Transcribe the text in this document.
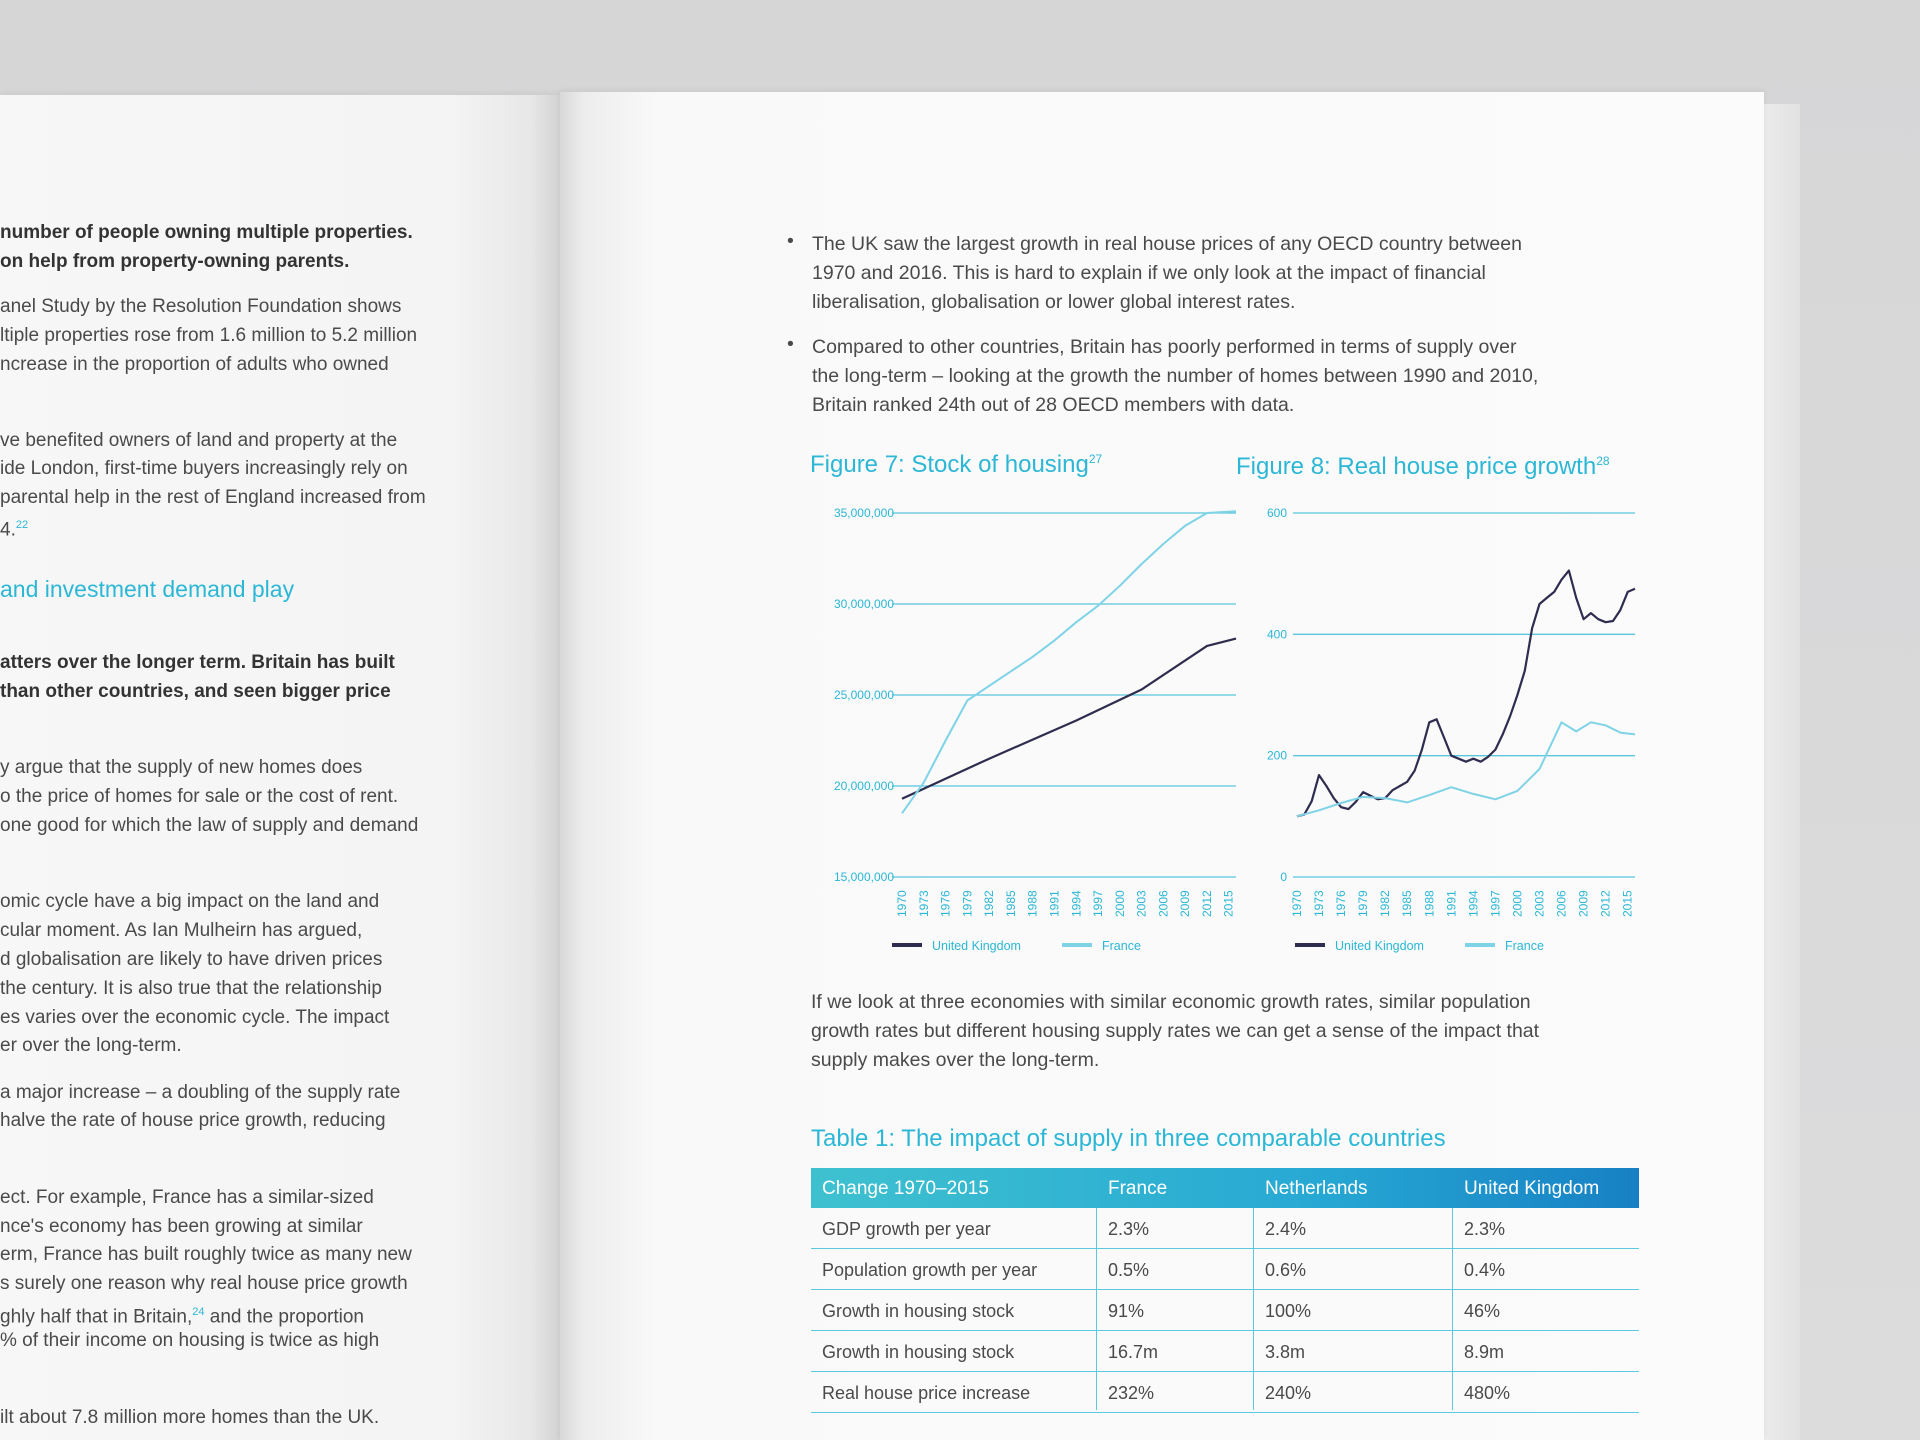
number of people owning multiple properties.
on help from property-owning parents.
anel Study by the Resolution Foundation shows
ltiple properties rose from 1.6 million to 5.2 million
ncrease in the proportion of adults who owned
ve benefited owners of land and property at the
ide London, first-time buyers increasingly rely on
parental help in the rest of England increased from
4.22
and investment demand play
atters over the longer term. Britain has built
than other countries, and seen bigger price
y argue that the supply of new homes does
o the price of homes for sale or the cost of rent.
one good for which the law of supply and demand
omic cycle have a big impact on the land and
cular moment. As Ian Mulheirn has argued,
d globalisation are likely to have driven prices
the century. It is also true that the relationship
es varies over the economic cycle. The impact
er over the long-term.
a major increase – a doubling of the supply rate
halve the rate of house price growth, reducing
ect. For example, France has a similar-sized
nce's economy has been growing at similar
erm, France has built roughly twice as many new
s surely one reason why real house price growth
ghly half that in Britain,$^{24}$ and the proportion
% of their income on housing is twice as high
ilt about 7.8 million more homes than the UK.
• The UK saw the largest growth in real house prices of any OECD country between
1970 and 2016. This is hard to explain if we only look at the impact of financial
liberalisation, globalisation or lower global interest rates.
• Compared to other countries, Britain has poorly performed in terms of supply over
the long-term – looking at the growth the number of homes between 1990 and 2010,
Britain ranked 24th out of 28 OECD members with data.
Figure 7: Stock of housing$^{27}$	Figure 8: Real house price growth$^{28}$
15,000,000
20,000,000
25,000,000
30,000,000
35,000,000
1970 1973 1976 1979 1982 1985 1988 1991 1994 1997 2000 2003 2006 2009 2012 2015
United Kingdom	France
0
200
400
600
1970 1973 1976 1979 1982 1985 1988 1991 1994 1997 2000 2003 2006 2009 2012 2015
United Kingdom	France
If we look at three economies with similar economic growth rates, similar population
growth rates but different housing supply rates we can get a sense of the impact that
supply makes over the long-term.
Table 1: The impact of supply in three comparable countries
Change 1970–2015	France	Netherlands	United Kingdom
GDP growth per year	2.3%	2.4%	2.3%
Population growth per year	0.5%	0.6%	0.4%
Growth in housing stock	91%	100%	46%
Growth in housing stock	16.7m	3.8m	8.9m
Real house price increase	232%	240%	480%
